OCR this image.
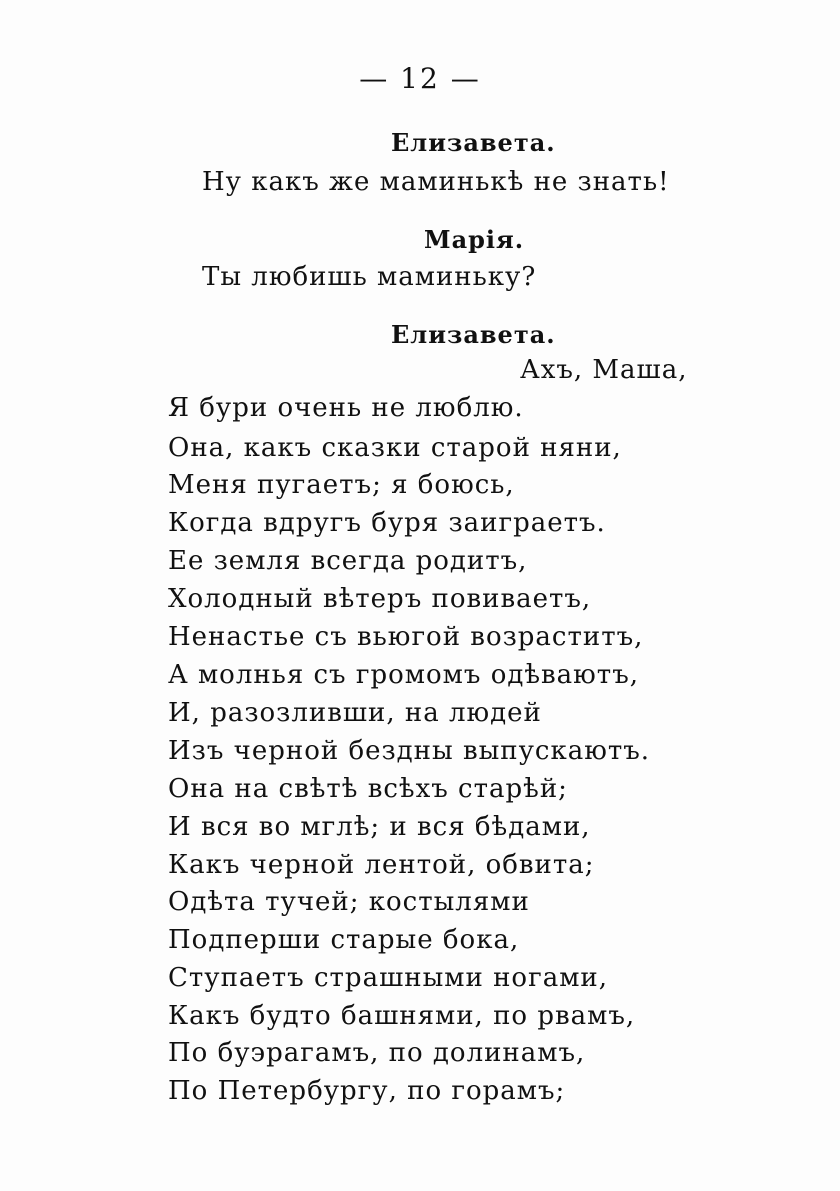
— 12 —
Елизавета.
Ну какъ же маминькѣ не знать!
Марія.
Ты любишь маминьку?
Елизавета.
Ахъ, Маша,
Я бури очень не люблю.
Она, какъ сказки старой няни,
Меня пугаетъ; я боюсь,
Когда вдругъ буря заиграетъ.
Ее земля всегда родитъ,
Холодный вѣтеръ повиваетъ,
Ненастье съ вьюгой возраститъ,
А молнья съ громомъ одѣваютъ,
И, разозливши, на людей
Изъ черной бездны выпускаютъ.
Она на свѣтѣ всѣхъ старѣй;
И вся во мглѣ; и вся бѣдами,
Какъ черной лентой, обвита;
Одѣта тучей; костылями
Подперши старые бока,
Ступаетъ страшными ногами,
Какъ будто башнями, по рвамъ,
По буэрагамъ, по долинамъ,
По Петербургу, по горамъ;
